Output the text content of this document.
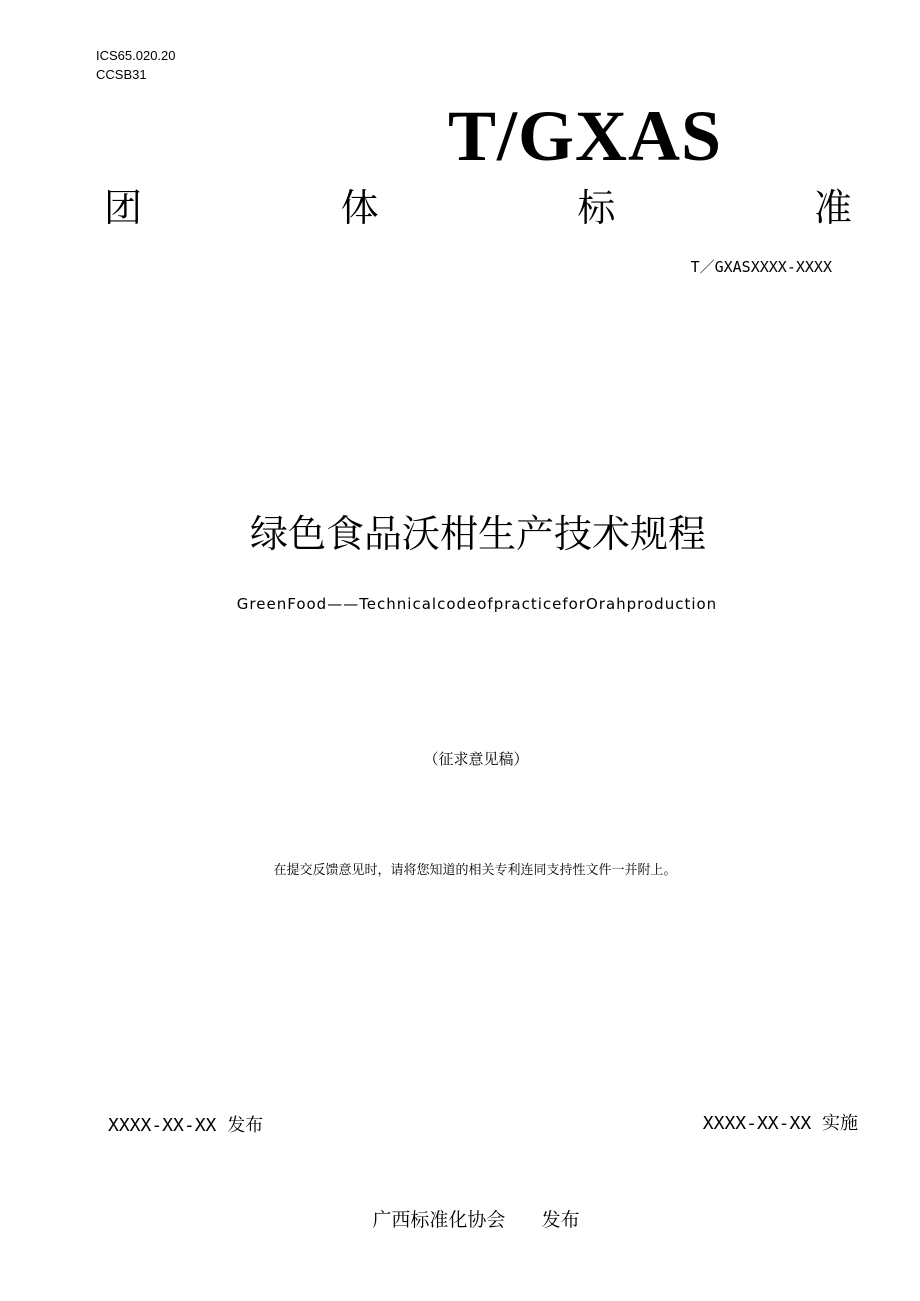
ICS65.020.20
CCSB31
T/GXAS
团	体	标	准
T／GXASXXXX-XXXX
绿色食品沃柑生产技术规程
GreenFood——TechnicalcodeofpracticeforOrahproduction
（征求意见稿）
在提交反馈意见时，请将您知道的相关专利连同支持性文件一并附上。
XXXX-XX-XX 发布	XXXX-XX-XX 实施
广西标准化协会 发布
